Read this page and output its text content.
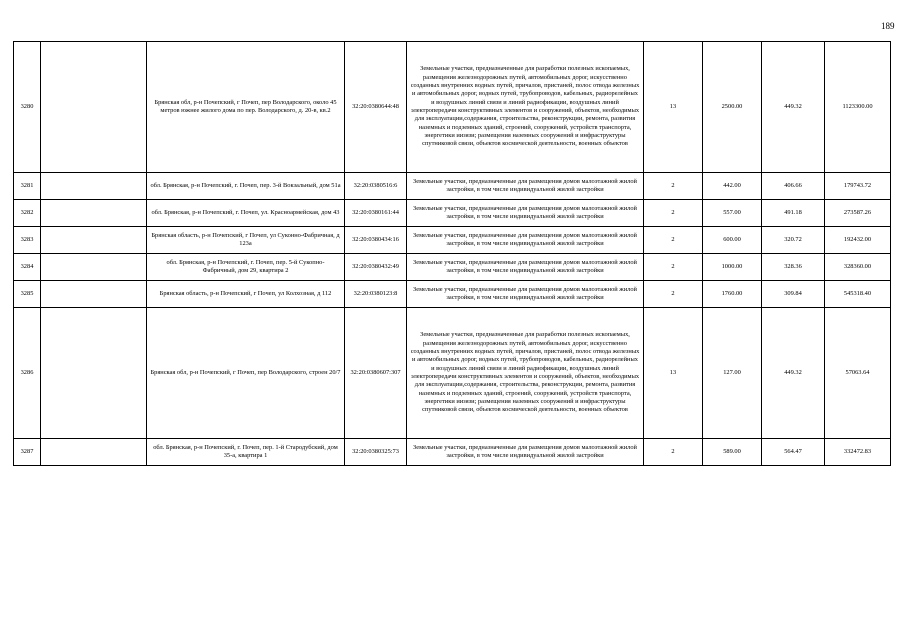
189
3280		Брянская обл, р-н Почепский, г Почеп, пер Володарского, около 45 метров южнее жилого дома по пер. Володарского, д. 20-в, кв.2	32:20:0380644:48	Земельные участки, предназначенные для разработки полезных ископаемых, размещения железнодорожных путей, автомобильных дорог, искусственно созданных внутренних водных путей, причалов, пристаней, полос отвода железных и автомобильных дорог, водных путей, трубопроводов, кабельных, радиорелейных и воздушных линий связи и линий радиофикации, воздушных линий электропередачи конструктивных элементов и сооружений, объектов, необходимых для эксплуатации,содержания, строительства, реконструкции, ремонта, развития наземных и подземных зданий, строений, сооружений, устройств транспорта, энергетики иизязи; размещения наземных сооружений и инфраструктуры спутниковой связи, объектов космической деятельности, военных объектов	13	2500.00	449.32	1123300.00
3281		обл. Брянская, р-н Почепский, г. Почеп, пер. 3-й Вокзальный, дом 51а	32:20:0380516:6	Земельные участки, предназначенные для размещения домов малоэтажной жилой застройки, в том числе индивидуальной жилой застройки	2	442.00	406.66	179743.72
3282		обл. Брянская, р-н Почепский, г. Почеп, ул. Красноармейская, дом 43	32:20:0380161:44	Земельные участки, предназначенные для размещения домов малоэтажной жилой застройки, в том числе индивидуальной жилой застройки	2	557.00	491.18	273587.26
3283		Брянская область, р-н Почепский, г Почеп, ул Суконно-Фабричная, д 123а	32:20:0380434:16	Земельные участки, предназначенные для размещения домов малоэтажной жилой застройки, в том числе индивидуальной жилой застройки	2	600.00	320.72	192432.00
3284		обл. Брянская, р-н Почепский, г. Почеп, пер. 5-й Сукопно-Фабричный, дом 29, квартира 2	32:20:0380432:49	Земельные участки, предназначенные для размещения домов малоэтажной жилой застройки, в том числе индивидуальной жилой застройки	2	1000.00	328.36	328360.00
3285		Брянская область, р-н Почепский, г Почеп, ул Колхозная, д 112	32:20:0380123:8	Земельные участки, предназначенные для размещения домов малоэтажной жилой застройки, в том числе индивидуальной жилой застройки	2	1760.00	309.84	545318.40
3286		Брянская обл, р-н Почепский, г Почеп, пер Володарского, строен 20/7	32:20:0380607:307	Земельные участки, предназначенные для разработки полезных ископаемых, размещения железнодорожных путей, автомобильных дорог, искусственно созданных внутренних водных путей, причалов, пристаней, полос отвода железных и автомобильных дорог, водных путей, трубопроводов, кабельных, радиорелейных и воздушных линий связи и линий радиофикации, воздушных линий электропередачи конструктивных элементов и сооружений, объектов, необходимых для эксплуатации,содержания, строительства, реконструкции, ремонта, развития наземных и подземных зданий, строений, сооружений, устройств транспорта, энергетики иизязи; размещения наземных сооружений и инфраструктуры спутниковой связи, объектов космической деятельности, военных объектов	13	127.00	449.32	57063.64
3287		обл. Брянская, р-н Почепский, г. Почеп, пер. 1-й Стародубский, дом 35-а, квартира 1	32:20:0380325:73	Земельные участки, предназначенные для размещения домов малоэтажной жилой застройки, в том числе индивидуальной жилой застройки	2	589.00	564.47	332472.83
